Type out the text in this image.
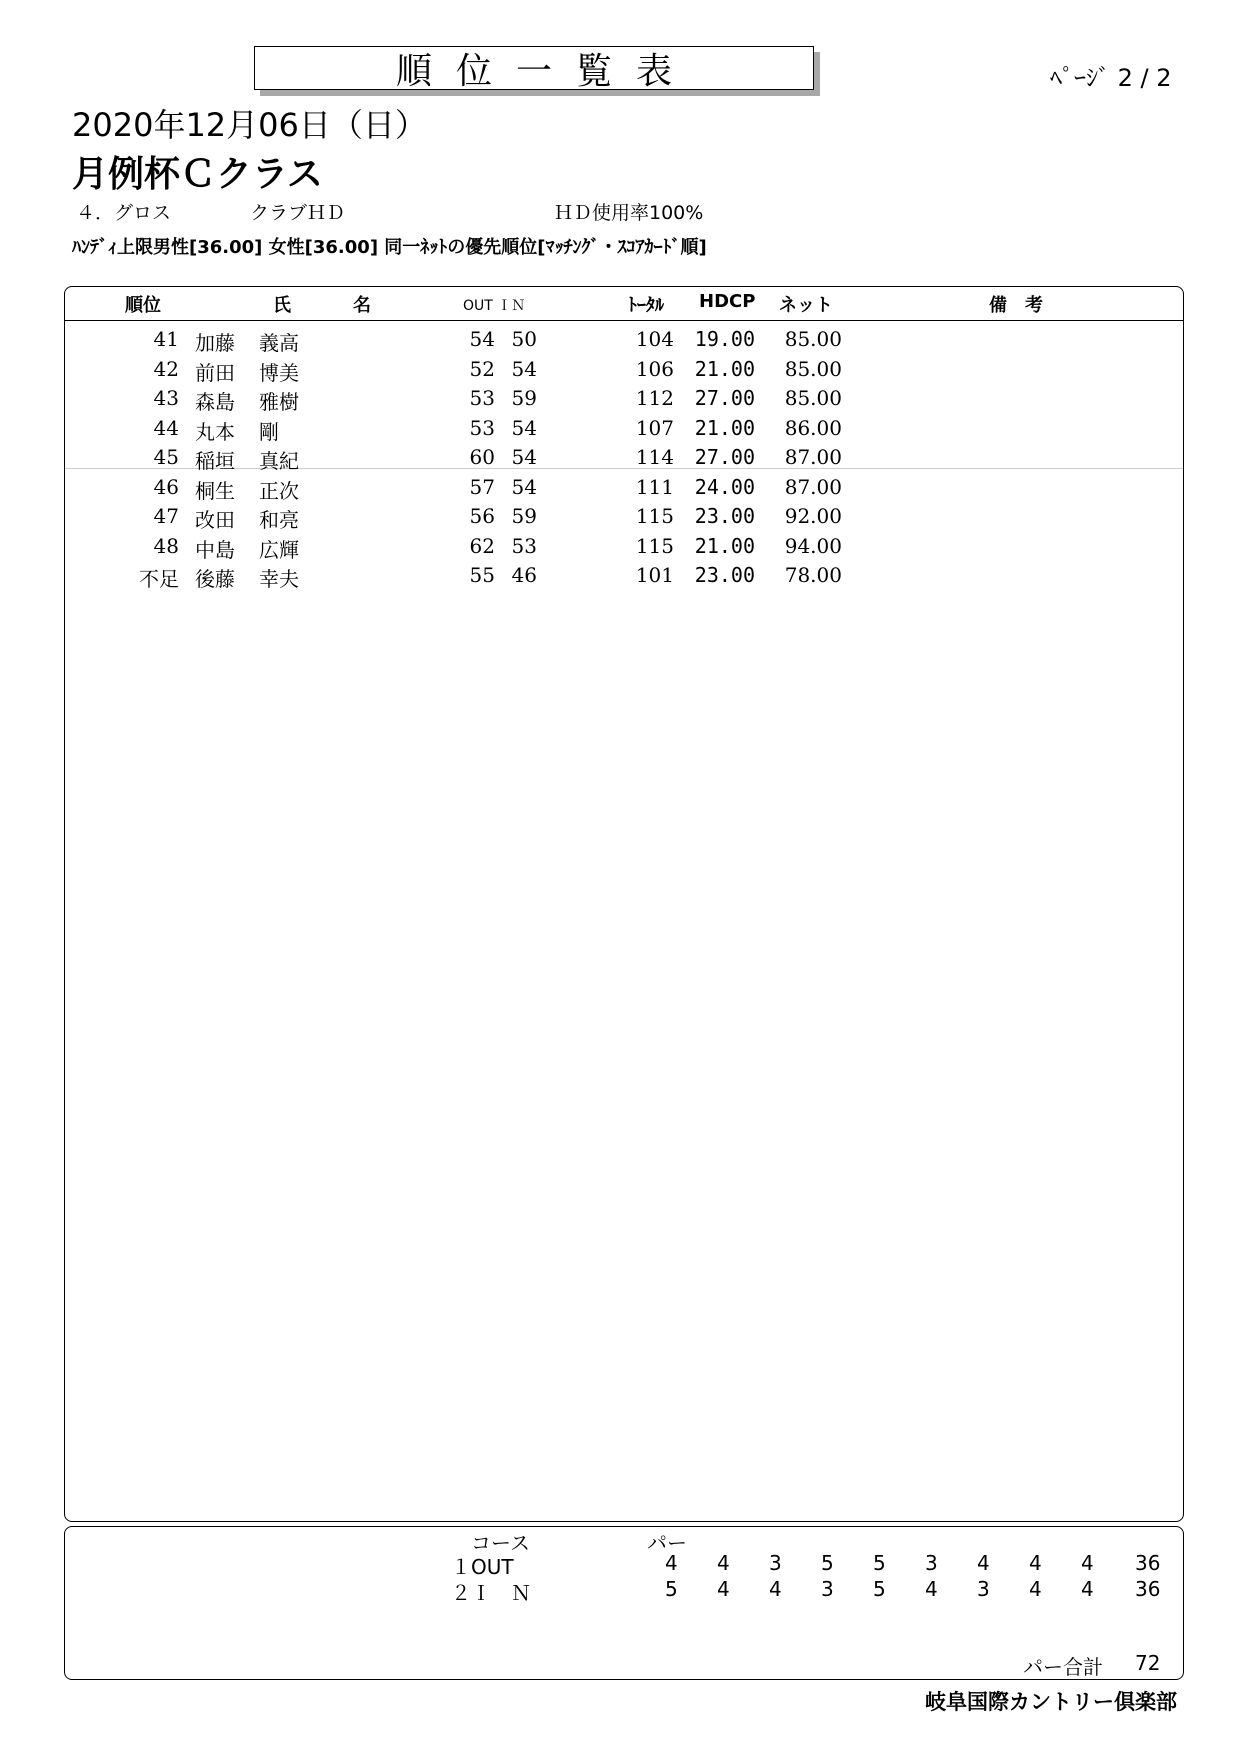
順位一覧表	ﾍﾟｰｼﾞ 2 / 2
2020年12月06日（日）
月例杯Ｃクラス
４．グロス	クラブＨＤ	ＨＤ使用率100%
ﾊﾝﾃﾞｨ上限男性[36.00] 女性[36.00] 同一ﾈｯﾄの優先順位[ﾏｯﾁﾝｸﾞ・ｽｺｱｶｰﾄﾞ順]
順位	氏	名	OUT ＩＮ	ﾄｰﾀﾙ HDCP ネット	備　考
41 加藤 義高	54 50	104 19.00 85.00
42 前田 博美	52 54	106 21.00 85.00
43 森島 雅樹	53 59	112 27.00 85.00
44 丸本 剛	53 54	107 21.00 86.00
45 稲垣 真紀	60 54	114 27.00 87.00
46 桐生 正次	57 54	111 24.00 87.00
47 改田 和亮	56 59	115 23.00 92.00
48 中島 広輝	62 53	115 21.00 94.00
不足 後藤 幸夫	55 46	101 23.00 78.00
コース	パー
１OUT	4 4 3 5 5 3 4 4 4 36
２Ｉ　Ｎ	5 4 4 3 5 4 3 4 4 36
パー合計 72
岐阜国際カントリー倶楽部
